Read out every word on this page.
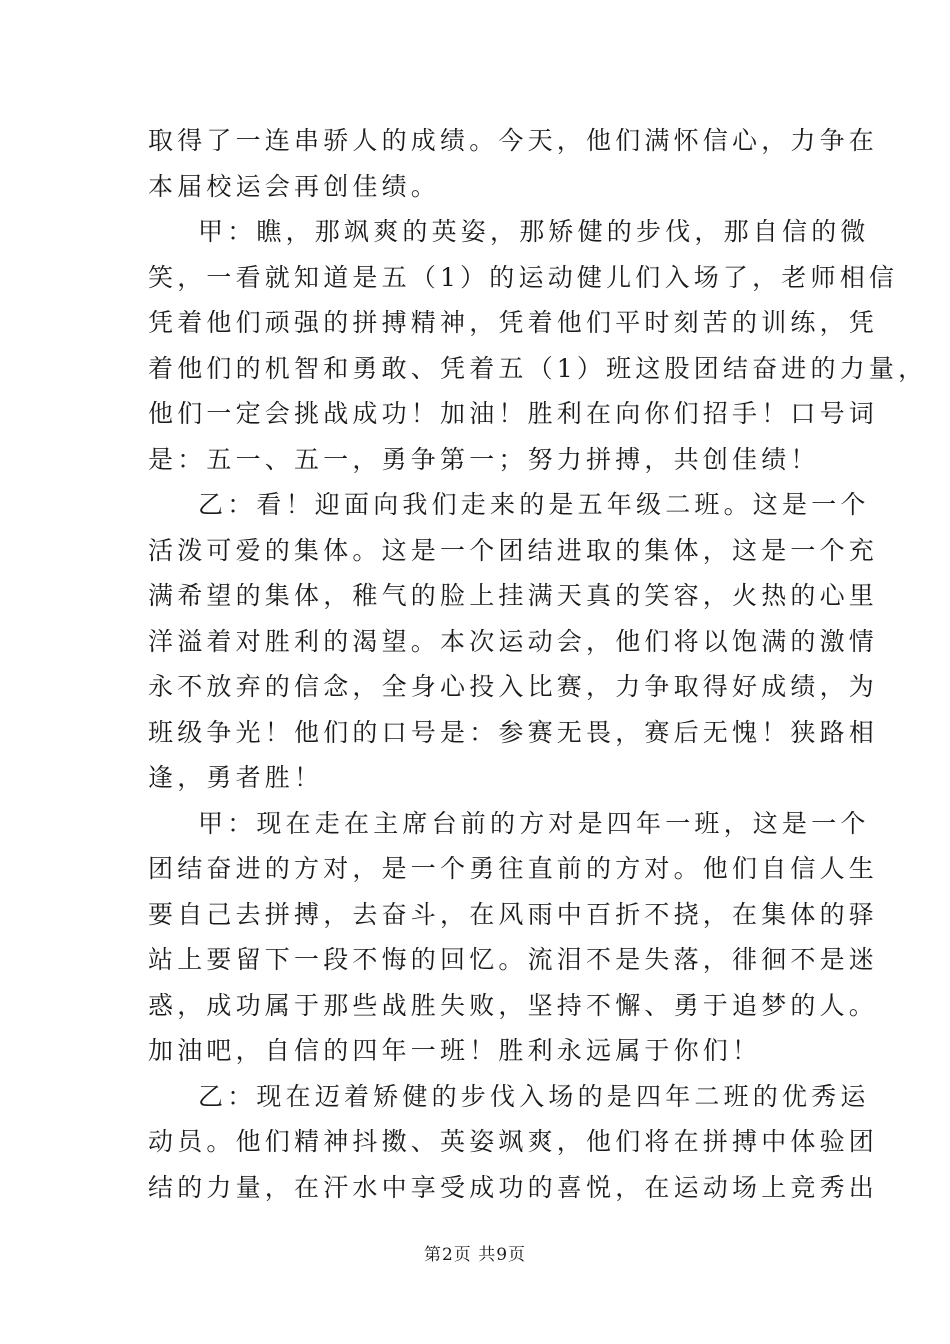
取得了一连串骄人的成绩。今天，他们满怀信心，力争在
本届校运会再创佳绩。
甲：瞧，那飒爽的英姿，那矫健的步伐，那自信的微
笑，一看就知道是五（1）的运动健儿们入场了，老师相信
凭着他们顽强的拼搏精神，凭着他们平时刻苦的训练，凭
着他们的机智和勇敢、凭着五（1）班这股团结奋进的力量，
他们一定会挑战成功！加油！胜利在向你们招手！口号词
是：五一、五一，勇争第一；努力拼搏，共创佳绩！
乙：看！迎面向我们走来的是五年级二班。这是一个
活泼可爱的集体。这是一个团结进取的集体，这是一个充
满希望的集体，稚气的脸上挂满天真的笑容，火热的心里
洋溢着对胜利的渴望。本次运动会，他们将以饱满的激情
永不放弃的信念，全身心投入比赛，力争取得好成绩，为
班级争光！他们的口号是：参赛无畏，赛后无愧！狭路相
逢，勇者胜！
甲：现在走在主席台前的方对是四年一班，这是一个
团结奋进的方对，是一个勇往直前的方对。他们自信人生
要自己去拼搏，去奋斗，在风雨中百折不挠，在集体的驿
站上要留下一段不悔的回忆。流泪不是失落，徘徊不是迷
惑，成功属于那些战胜失败，坚持不懈、勇于追梦的人。
加油吧，自信的四年一班！胜利永远属于你们！
乙：现在迈着矫健的步伐入场的是四年二班的优秀运
动员。他们精神抖擞、英姿飒爽，他们将在拼搏中体验团
结的力量，在汗水中享受成功的喜悦，在运动场上竞秀出
第2页 共9页
